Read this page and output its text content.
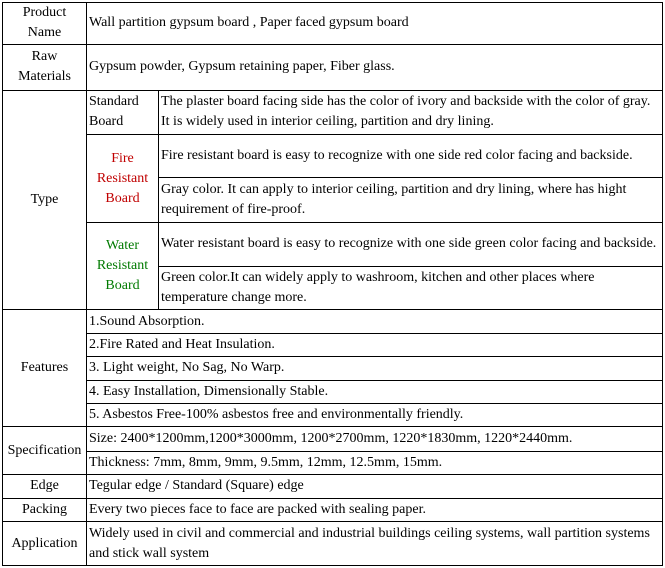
Product Name	Wall partition gypsum board , Paper faced gypsum board	
Raw Materials	Gypsum powder, Gypsum retaining paper, Fiber glass.	
Type	Standard Board	The plaster board facing side has the color of ivory and backside with the color of gray. It is widely used in interior ceiling, partition and dry lining.
	Fire Resistant Board	Fire resistant board is easy to recognize with one side red color facing and backside.
		Gray color. It can apply to interior ceiling, partition and dry lining, where has hight requirement of fire-proof.
	Water Resistant Board	Water resistant board is easy to recognize with one side green color facing and backside.
		Green color.It can widely apply to washroom, kitchen and other places where temperature change more.
Features	1.Sound Absorption.	
	2.Fire Rated and Heat Insulation.	
	3. Light weight, No Sag, No Warp.	
	4. Easy Installation, Dimensionally Stable.	
	5. Asbestos Free-100% asbestos free and environmentally friendly.	
Specification	Size: 2400*1200mm,1200*3000mm, 1200*2700mm, 1220*1830mm, 1220*2440mm.	
	Thickness: 7mm, 8mm, 9mm, 9.5mm, 12mm, 12.5mm, 15mm.	
Edge	Tegular edge / Standard (Square) edge	
Packing	Every two pieces face to face are packed with sealing paper.	
Application	Widely used in civil and commercial and industrial buildings ceiling systems, wall partition systems and stick wall system	
